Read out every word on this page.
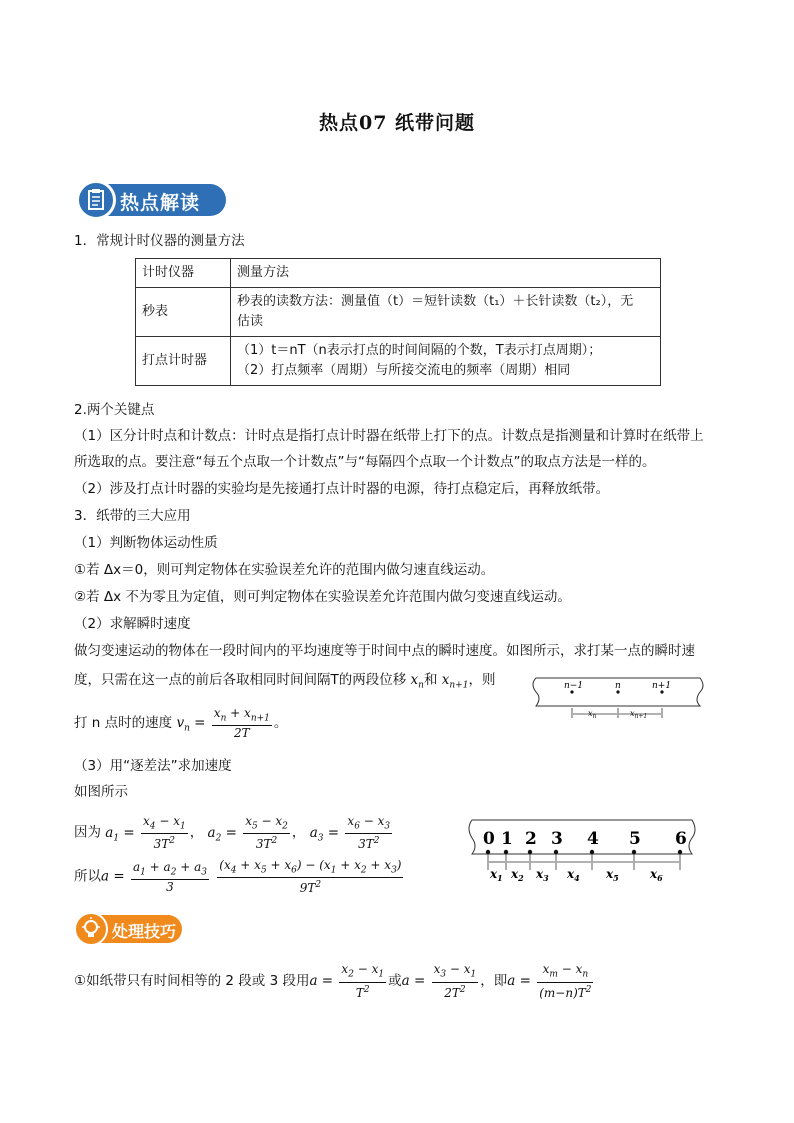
热点07 纸带问题
热点解读
1．常规计时仪器的测量方法
计时仪器	测量方法
秒表	秒表的读数方法：测量值（t）＝短针读数（t₁）＋长针读数（t₂），无
估读

打点计时器	（1）t＝nT（n表示打点的时间间隔的个数，T表示打点周期）；
（2）打点频率（周期）与所接交流电的频率（周期）相同
2.两个关键点
（1）区分计时点和计数点：计时点是指打点计时器在纸带上打下的点。计数点是指测量和计算时在纸带上
所选取的点。要注意“每五个点取一个计数点”与“每隔四个点取一个计数点”的取点方法是一样的。
（2）涉及打点计时器的实验均是先接通打点计时器的电源，待打点稳定后，再释放纸带。
3．纸带的三大应用
（1）判断物体运动性质
①若 Δx＝0，则可判定物体在实验误差允许的范围内做匀速直线运动。
②若 Δx 不为零且为定值，则可判定物体在实验误差允许范围内做匀变速直线运动。
（2）求解瞬时速度
做匀变速运动的物体在一段时间内的平均速度等于时间中点的瞬时速度。如图所示，求打某一点的瞬时速
度，只需在这一点的前后各取相同时间间隔T的两段位移 $x_n$和 $x_{n+1}$，则
打 n 点时的速度 $v_n = \frac{x_n + x_{n+1}}{2T}$ 。
n−1	n	n+1
$x_n$	$x_{n+1}$
（3）用“逐差法”求加速度
如图所示
因为 $a_1 = \frac{x_4 - x_1}{3T^2}$ ， $a_2 = \frac{x_5 - x_2}{3T^2}$ ， $a_3 = \frac{x_6 - x_3}{3T^2}$
所以$a = \frac{a_1 + a_2 + a_3}{3}$
$\frac{(x_4 + x_5 + x_6) - (x_1 + x_2 + x_3)}{9T^2}$
0 1 2 3 4 5 6
$x_1$ $x_2$ $x_3$ $x_4$ $x_5$	$x_6$
处理技巧
①如纸带只有时间相等的 2 段或 3 段用$a = \frac{x_2 - x_1}{T^2}$ 或$a = \frac{x_3 - x_1}{2T^2}$ ，即$a = \frac{x_m - x_n}{(m-n)T^2}$
